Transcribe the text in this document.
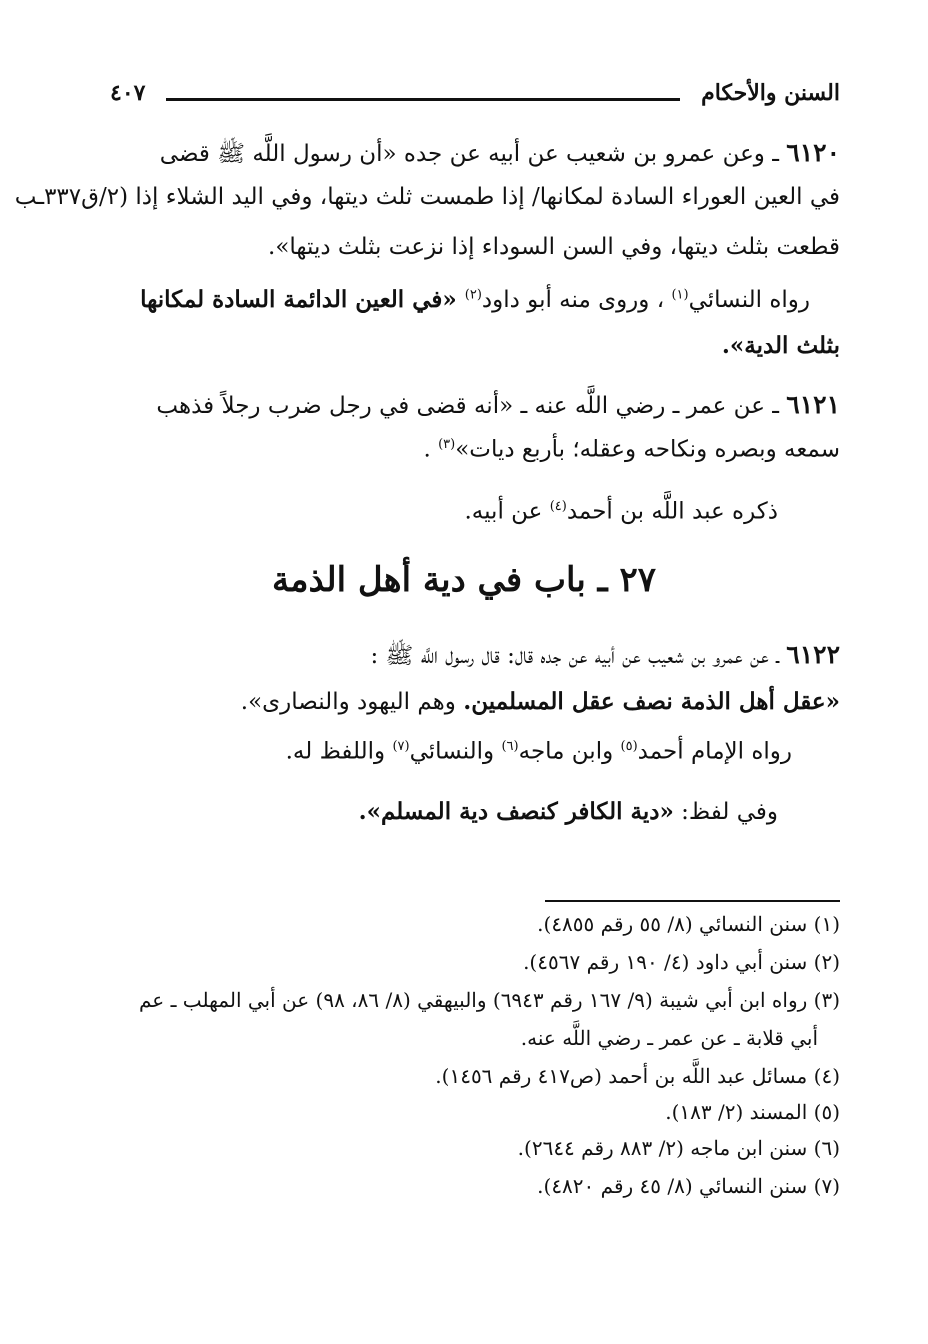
السنن والأحكام
٤٠٧
٦١٢٠ ـ وعن عمرو بن شعيب عن أبيه عن جده «أن رسول اللَّه ﷺ قضى
في العين العوراء السادة لمكانها/ إذا طمست ثلث ديتها، وفي اليد الشلاء إذا (٢/ق٣٣٧ـب
قطعت بثلث ديتها، وفي السن السوداء إذا نزعت بثلث ديتها».
رواه النسائي$^{(١)}$ ، وروى منه أبو داود$^{(٢)}$ «في العين الدائمة السادة لمكانها
بثلث الدية».
٦١٢١ ـ عن عمر ـ رضي اللَّه عنه ـ «أنه قضى في رجل ضرب رجلاً فذهب
سمعه وبصره ونكاحه وعقله؛ بأربع ديات»$^{(٣)}$ .
ذكره عبد اللَّه بن أحمد$^{(٤)}$ عن أبيه.
٢٧ ـ باب في دية أهل الذمة
٦١٢٢ ـ عن عمرو بن شعيب عن أبيه عن جده قال: قال رسول اللَّه ﷺ :
«عقل أهل الذمة نصف عقل المسلمين. وهم اليهود والنصارى».
رواه الإمام أحمد$^{(٥)}$ وابن ماجه$^{(٦)}$ والنسائي$^{(٧)}$ واللفظ له.
وفي لفظ: «دية الكافر كنصف دية المسلم».
(١) سنن النسائي (٨/ ٥٥ رقم ٤٨٥٥).
(٢) سنن أبي داود (٤/ ١٩٠ رقم ٤٥٦٧).
(٣) رواه ابن أبي شيبة (٩/ ١٦٧ رقم ٦٩٤٣) والبيهقي (٨/ ٨٦، ٩٨) عن أبي المهلب ـ عم
أبي قلابة ـ عن عمر ـ رضي اللَّه عنه.
(٤) مسائل عبد اللَّه بن أحمد (ص٤١٧ رقم ١٤٥٦).
(٥) المسند (٢/ ١٨٣).
(٦) سنن ابن ماجه (٢/ ٨٨٣ رقم ٢٦٤٤).
(٧) سنن النسائي (٨/ ٤٥ رقم ٤٨٢٠).
